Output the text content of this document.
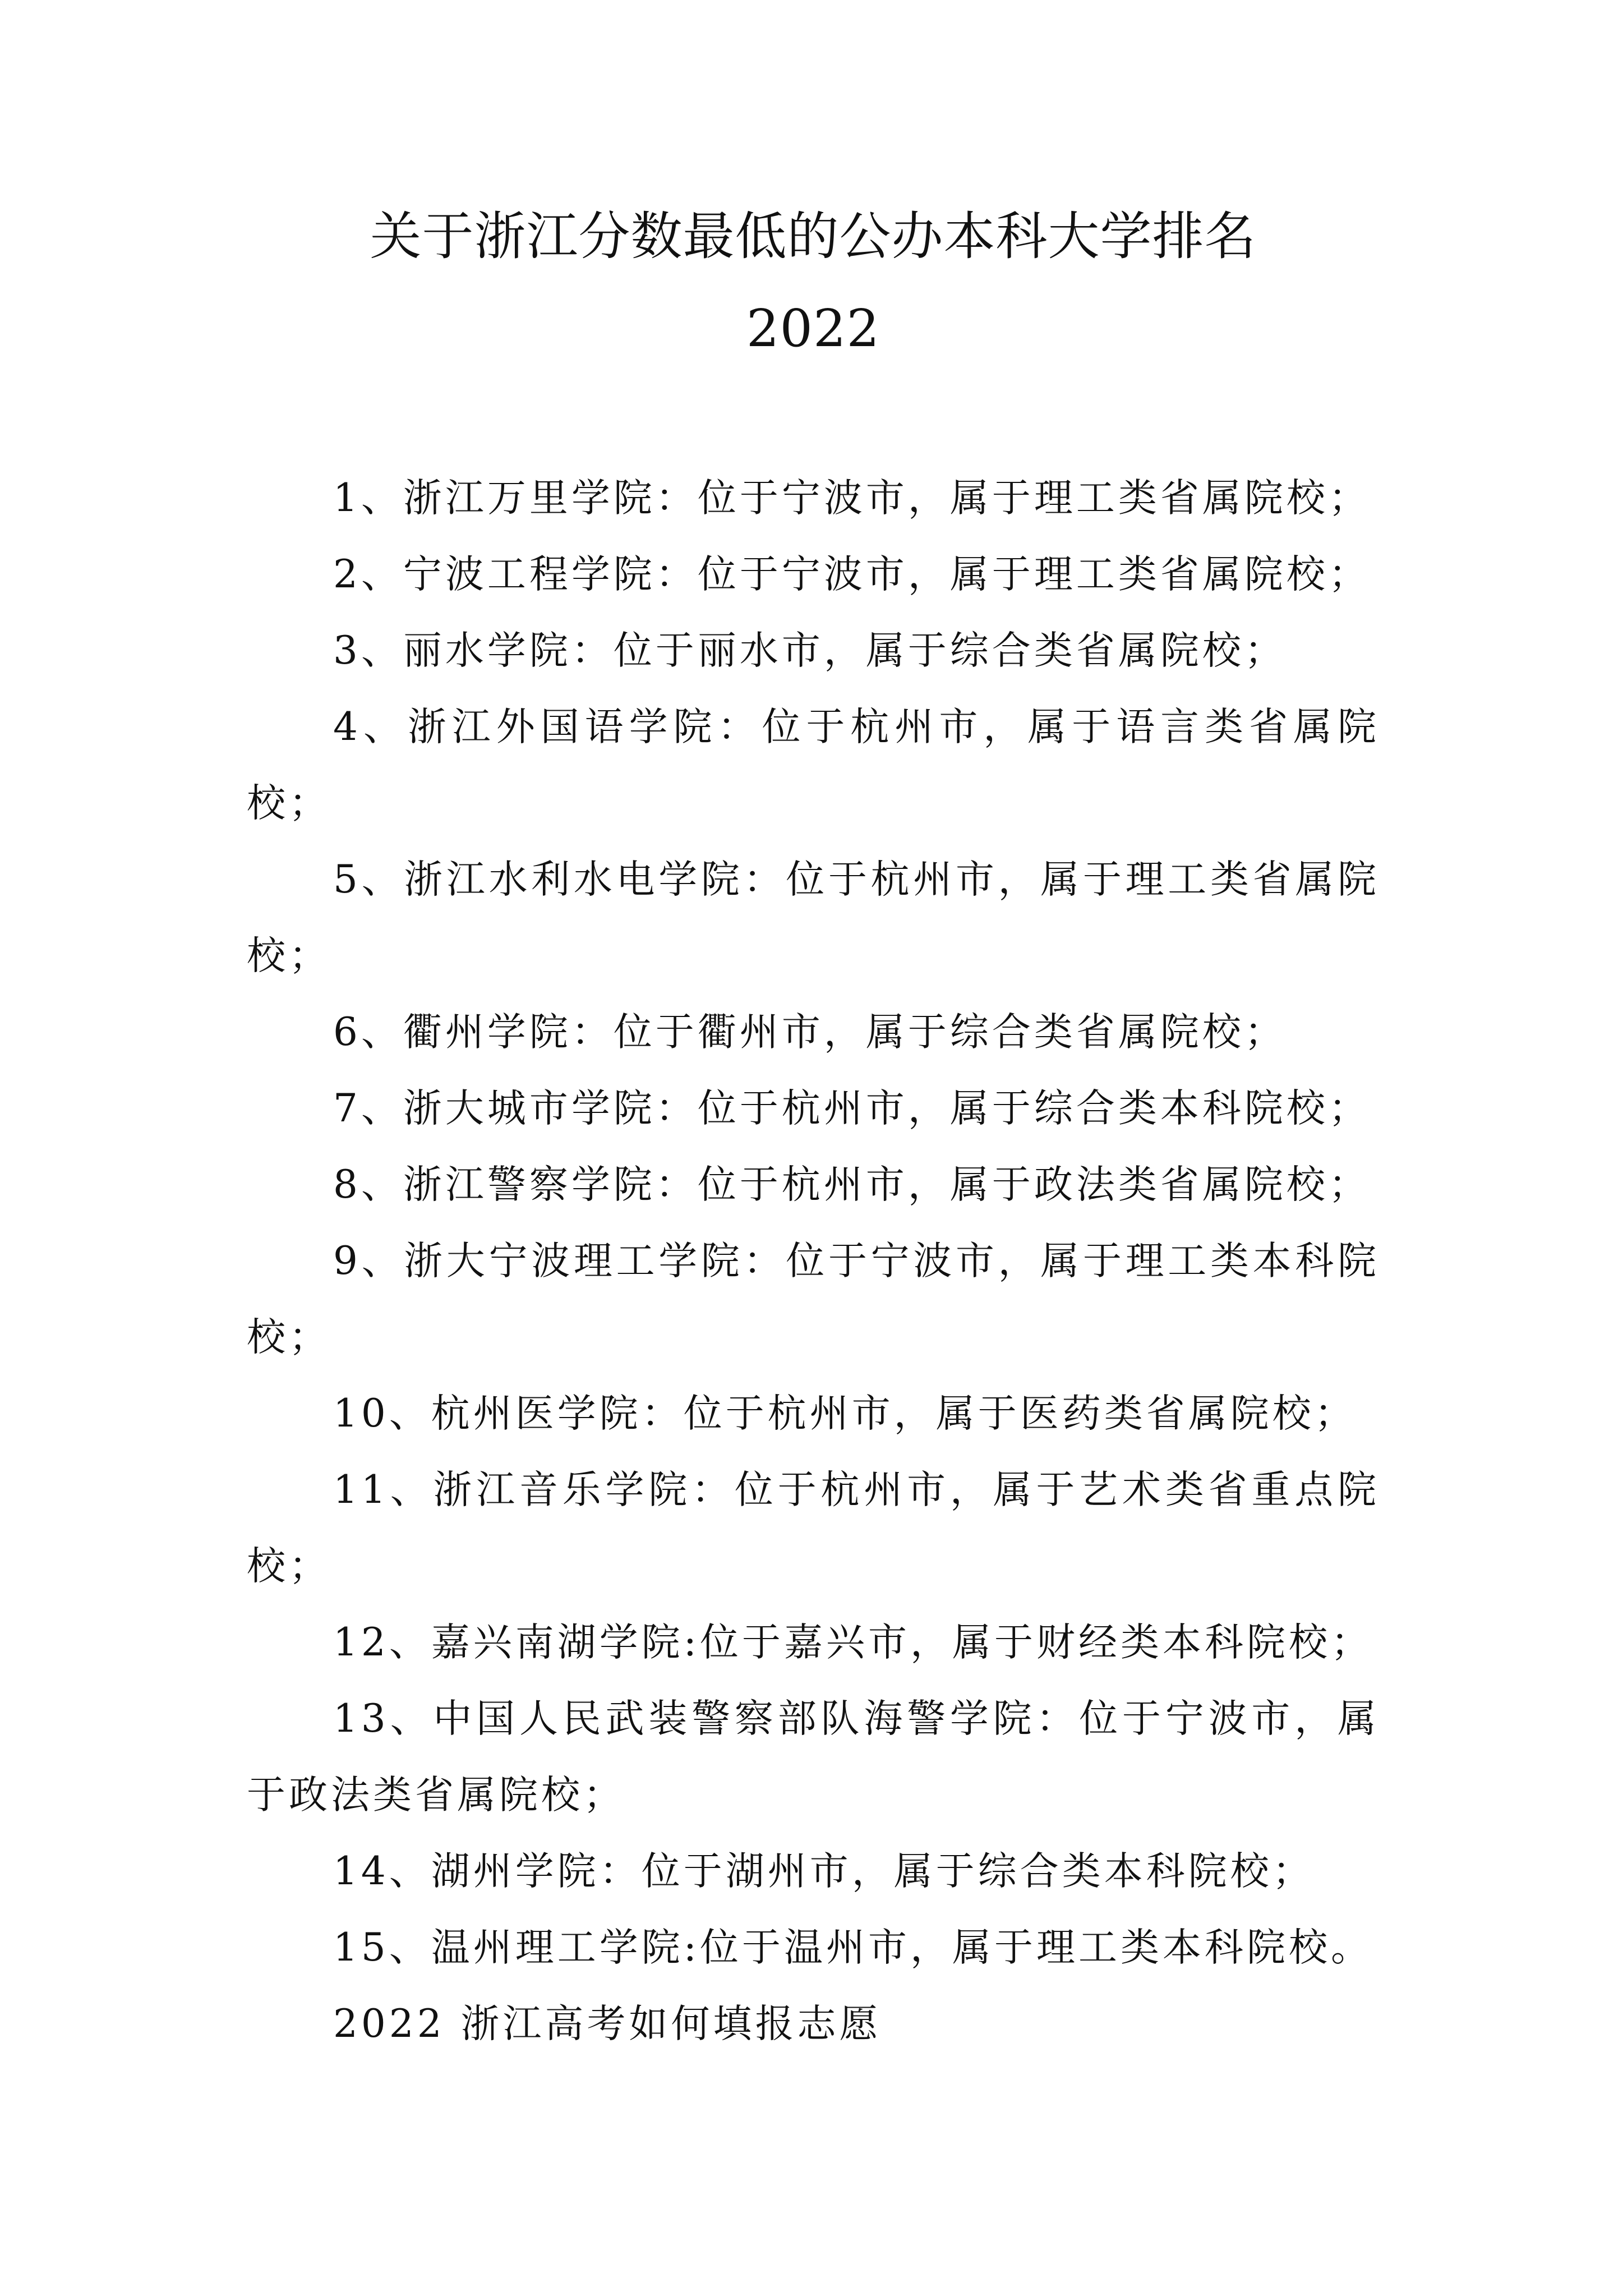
关于浙江分数最低的公办本科大学排名
2022

1、浙江万里学院：位于宁波市，属于理工类省属院校；

2、宁波工程学院：位于宁波市，属于理工类省属院校；

3、丽水学院：位于丽水市，属于综合类省属院校；

4、浙江外国语学院：位于杭州市，属于语言类省属院校；

5、浙江水利水电学院：位于杭州市，属于理工类省属院校；

6、衢州学院：位于衢州市，属于综合类省属院校；

7、浙大城市学院：位于杭州市，属于综合类本科院校；

8、浙江警察学院：位于杭州市，属于政法类省属院校；

9、浙大宁波理工学院：位于宁波市，属于理工类本科院校；

10、杭州医学院：位于杭州市，属于医药类省属院校；

11、浙江音乐学院：位于杭州市，属于艺术类省重点院校；

12、嘉兴南湖学院:位于嘉兴市，属于财经类本科院校；

13、中国人民武装警察部队海警学院：位于宁波市，属于政法类省属院校；

14、湖州学院：位于湖州市，属于综合类本科院校；

15、温州理工学院:位于温州市，属于理工类本科院校。

2022 浙江高考如何填报志愿
